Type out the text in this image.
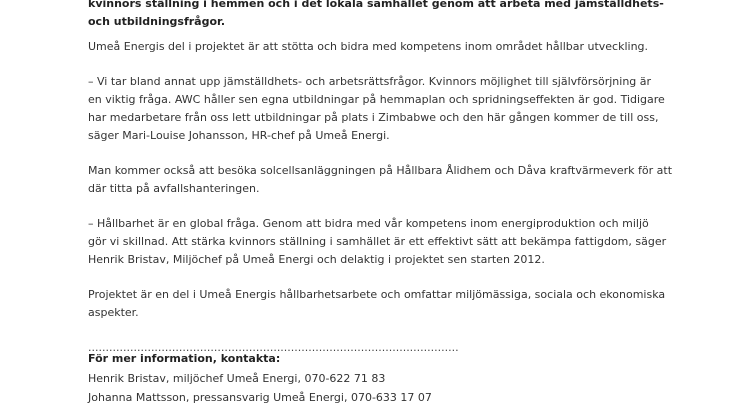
kvinnors ställning i hemmen och i det lokala samhället genom att arbeta med jämställdhets-

och utbildningsfrågor.

Umeå Energis del i projektet är att stötta och bidra med kompetens inom området hållbar utveckling.

– Vi tar bland annat upp jämställdhets- och arbetsrättsfrågor. Kvinnors möjlighet till självförsörjning är

en viktig fråga. AWC håller sen egna utbildningar på hemmaplan och spridningseffekten är god. Tidigare

har medarbetare från oss lett utbildningar på plats i Zimbabwe och den här gången kommer de till oss,

säger Mari-Louise Johansson, HR-chef på Umeå Energi.

Man kommer också att besöka solcellsanläggningen på Hållbara Ålidhem och Dåva kraftvärmeverk för att

där titta på avfallshanteringen.

– Hållbarhet är en global fråga. Genom att bidra med vår kompetens inom energiproduktion och miljö

gör vi skillnad. Att stärka kvinnors ställning i samhället är ett effektivt sätt att bekämpa fattigdom, säger

Henrik Bristav, Miljöchef på Umeå Energi och delaktig i projektet sen starten 2012.

Projektet är en del i Umeå Energis hållbarhetsarbete och omfattar miljömässiga, sociala och ekonomiska

aspekter.

..........................................................................................................

För mer information, kontakta:

Henrik Bristav, miljöchef Umeå Energi, 070-622 71 83

Johanna Mattsson, pressansvarig Umeå Energi, 070-633 17 07
